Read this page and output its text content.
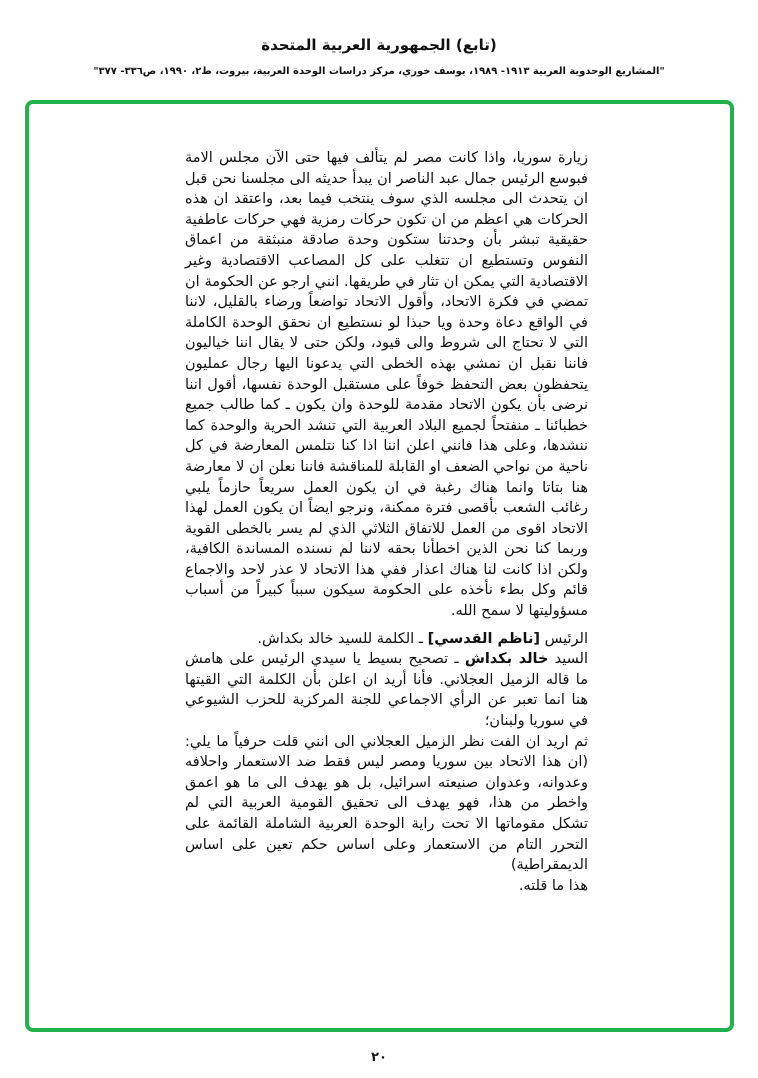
(تابع) الجمهورية العربية المتحدة
"المشاريع الوحدوية العربية ١٩١٣- ١٩٨٩، يوسف خوري، مركز دراسات الوحدة العربية، بيروت، ط٢، ١٩٩٠، ص٣٣٦- ٣٧٧"

زيارة سوريا، واذا كانت مصر لم يتألف فيها حتى الآن مجلس الامة فبوسع الرئيس جمال عبد الناصر ان يبدأ حديثه الى مجلسنا نحن قبل ان يتحدث الى مجلسه الذي سوف ينتخب فيما بعد، واعتقد ان هذه الحركات هي اعظم من ان تكون حركات رمزية فهي حركات عاطفية حقيقية تبشر بأن وحدتنا ستكون وحدة صادقة منبثقة من اعماق النفوس وتستطيع ان تتغلب على كل المصاعب الاقتصادية وغير الاقتصادية التي يمكن ان تثار في طريقها. انني ارجو عن الحكومة ان تمضي في فكرة الاتحاد، وأقول الاتحاد تواضعاً ورضاء بالقليل، لاننا في الواقع دعاة وحدة ويا حبذا لو نستطيع ان نحقق الوحدة الكاملة التي لا تحتاج الى شروط والى قيود، ولكن حتى لا يقال اننا خياليون فاننا نقبل ان نمشي بهذه الخطى التي يدعونا اليها رجال عمليون يتحفظون بعض التحفظ خوفاً على مستقبل الوحدة نفسها، أقول اننا نرضى بأن يكون الاتحاد مقدمة للوحدة وان يكون ـ كما طالب جميع خطبائنا ـ منفتحاً لجميع البلاد العربية التي تنشد الحرية والوحدة كما ننشدها، وعلى هذا فانني اعلن اننا اذا كنا نتلمس المعارضة في كل ناحية من نواحي الضعف او القابلة للمناقشة فاننا نعلن ان لا معارضة هنا بتاتا وانما هناك رغبة في ان يكون العمل سريعاً حازماً يلبي رغائب الشعب بأقصى فترة ممكنة، ونرجو ايضاً ان يكون العمل لهذا الاتحاد اقوى من العمل للاتفاق الثلاثي الذي لم يسر بالخطى القوية وربما كنا نحن الذين اخطأنا بحقه لاننا لم نسنده المساندة الكافية، ولكن اذا كانت لنا هناك اعذار ففي هذا الاتحاد لا عذر لاحد والاجماع قائم وكل بطء نأخذه على الحكومة سيكون سبباً كبيراً من أسباب مسؤوليتها لا سمح الله.

الرئيس [ناظم القدسي] ـ الكلمة للسيد خالد بكداش.

السيد خالد بكداش ـ تصحيح بسيط يا سيدي الرئيس على هامش ما قاله الزميل العجلاني. فأنا أريد ان اعلن بأن الكلمة التي القيتها هنا انما تعبر عن الرأي الاجماعي للجنة المركزية للحزب الشيوعي في سوريا ولبنان؛

ثم اريد ان الفت نظر الزميل العجلاني الى انني قلت حرفياً ما يلي: (ان هذا الاتحاد بين سوريا ومصر ليس فقط ضد الاستعمار واحلافه وعدوانه، وعدوان صنيعته اسرائيل، بل هو يهدف الى ما هو اعمق واخطر من هذا، فهو يهدف الى تحقيق القومية العربية التي لم تشكل مقوماتها الا تحت راية الوحدة العربية الشاملة القائمة على التحرر التام من الاستعمار وعلى اساس حكم تعين على اساس الديمقراطية)

هذا ما قلته.

٢٠
